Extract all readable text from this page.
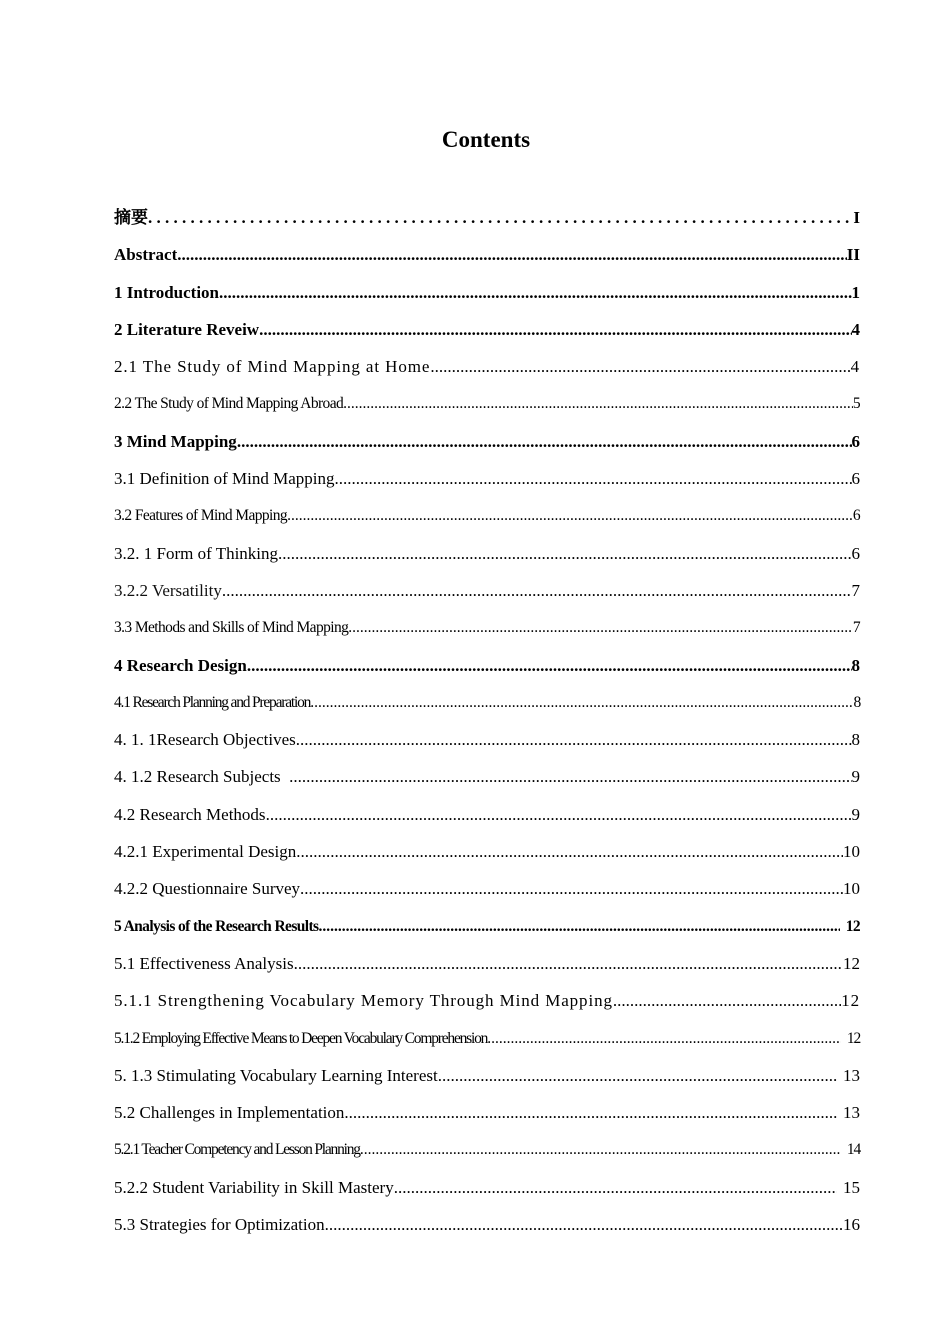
Contents
摘要 . . .	I
Abstract .....	II
1 Introduction .....	1
2 Literature Reveiw .....	4
2.1 The Study of Mind Mapping at Home .....	4
2.2 The Study of Mind Mapping Abroad .....	5
3 Mind Mapping .....	6
3.1 Definition of Mind Mapping .....	6
3.2 Features of Mind Mapping .....	6
3.2. 1 Form of Thinking .....	6
3.2.2 Versatility .....	7
3.3 Methods and Skills of Mind Mapping .....	7
4 Research Design .....	8
4.1 Research Planning and Preparation .....	8
4. 1. 1Research Objectives .....	8
4. 1.2 Research Subjects .....	9
4.2 Research Methods .....	9
4.2.1 Experimental Design .....	10
4.2.2 Questionnaire Survey .....	10
5 Analysis of the Research Results .....	12
5.1 Effectiveness Analysis .....	12
5.1.1 Strengthening Vocabulary Memory Through Mind Mapping .....	12
5.1.2 Employing Effective Means to Deepen Vocabulary Comprehension .....	12
5. 1.3 Stimulating Vocabulary Learning Interest .....	13
5.2 Challenges in Implementation .....	13
5.2.1 Teacher Competency and Lesson Planning .....	14
5.2.2 Student Variability in Skill Mastery .....	15
5.3 Strategies for Optimization .....	16
